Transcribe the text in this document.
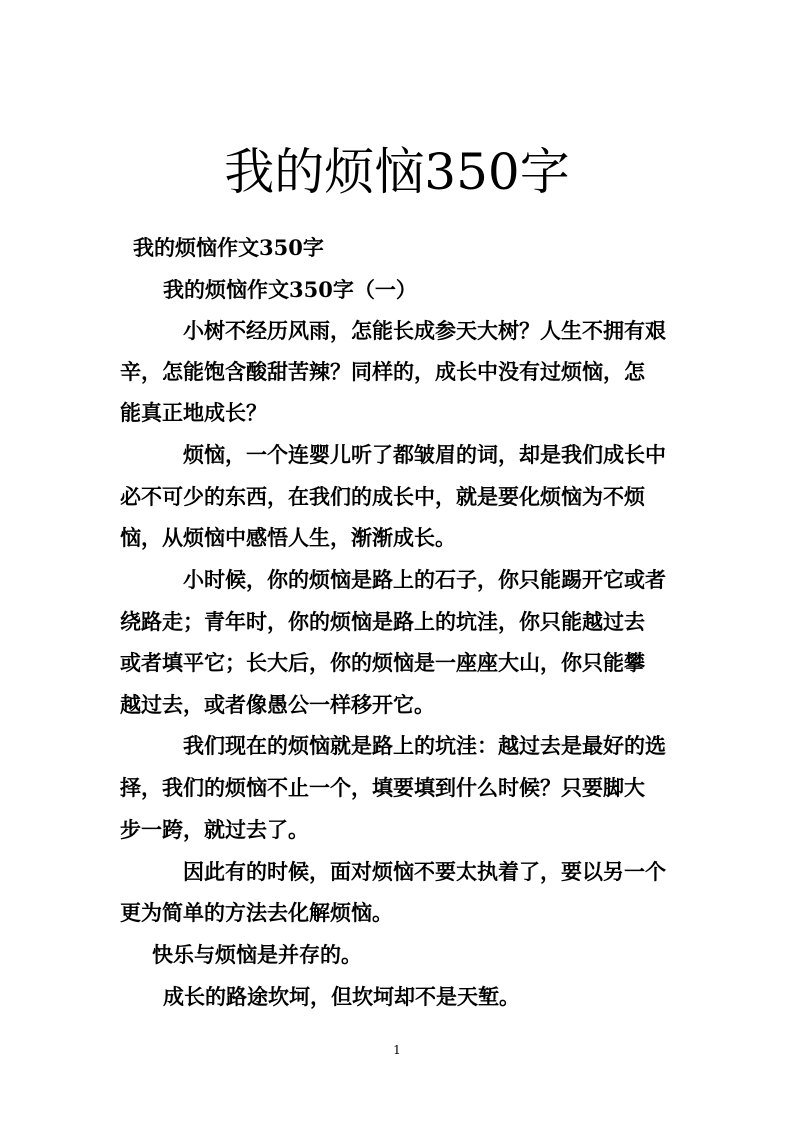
我的烦恼350字
我的烦恼作文350字
我的烦恼作文350字（一）
小树不经历风雨，怎能长成参天大树？人生不拥有艰
辛，怎能饱含酸甜苦辣？同样的，成长中没有过烦恼，怎
能真正地成长？
烦恼，一个连婴儿听了都皱眉的词，却是我们成长中
必不可少的东西，在我们的成长中，就是要化烦恼为不烦
恼，从烦恼中感悟人生，渐渐成长。
小时候，你的烦恼是路上的石子，你只能踢开它或者
绕路走；青年时，你的烦恼是路上的坑洼，你只能越过去
或者填平它；长大后，你的烦恼是一座座大山，你只能攀
越过去，或者像愚公一样移开它。
我们现在的烦恼就是路上的坑洼：越过去是最好的选
择，我们的烦恼不止一个，填要填到什么时候？只要脚大
步一跨，就过去了。
因此有的时候，面对烦恼不要太执着了，要以另一个
更为简单的方法去化解烦恼。
快乐与烦恼是并存的。
成长的路途坎坷，但坎坷却不是天堑。
1
